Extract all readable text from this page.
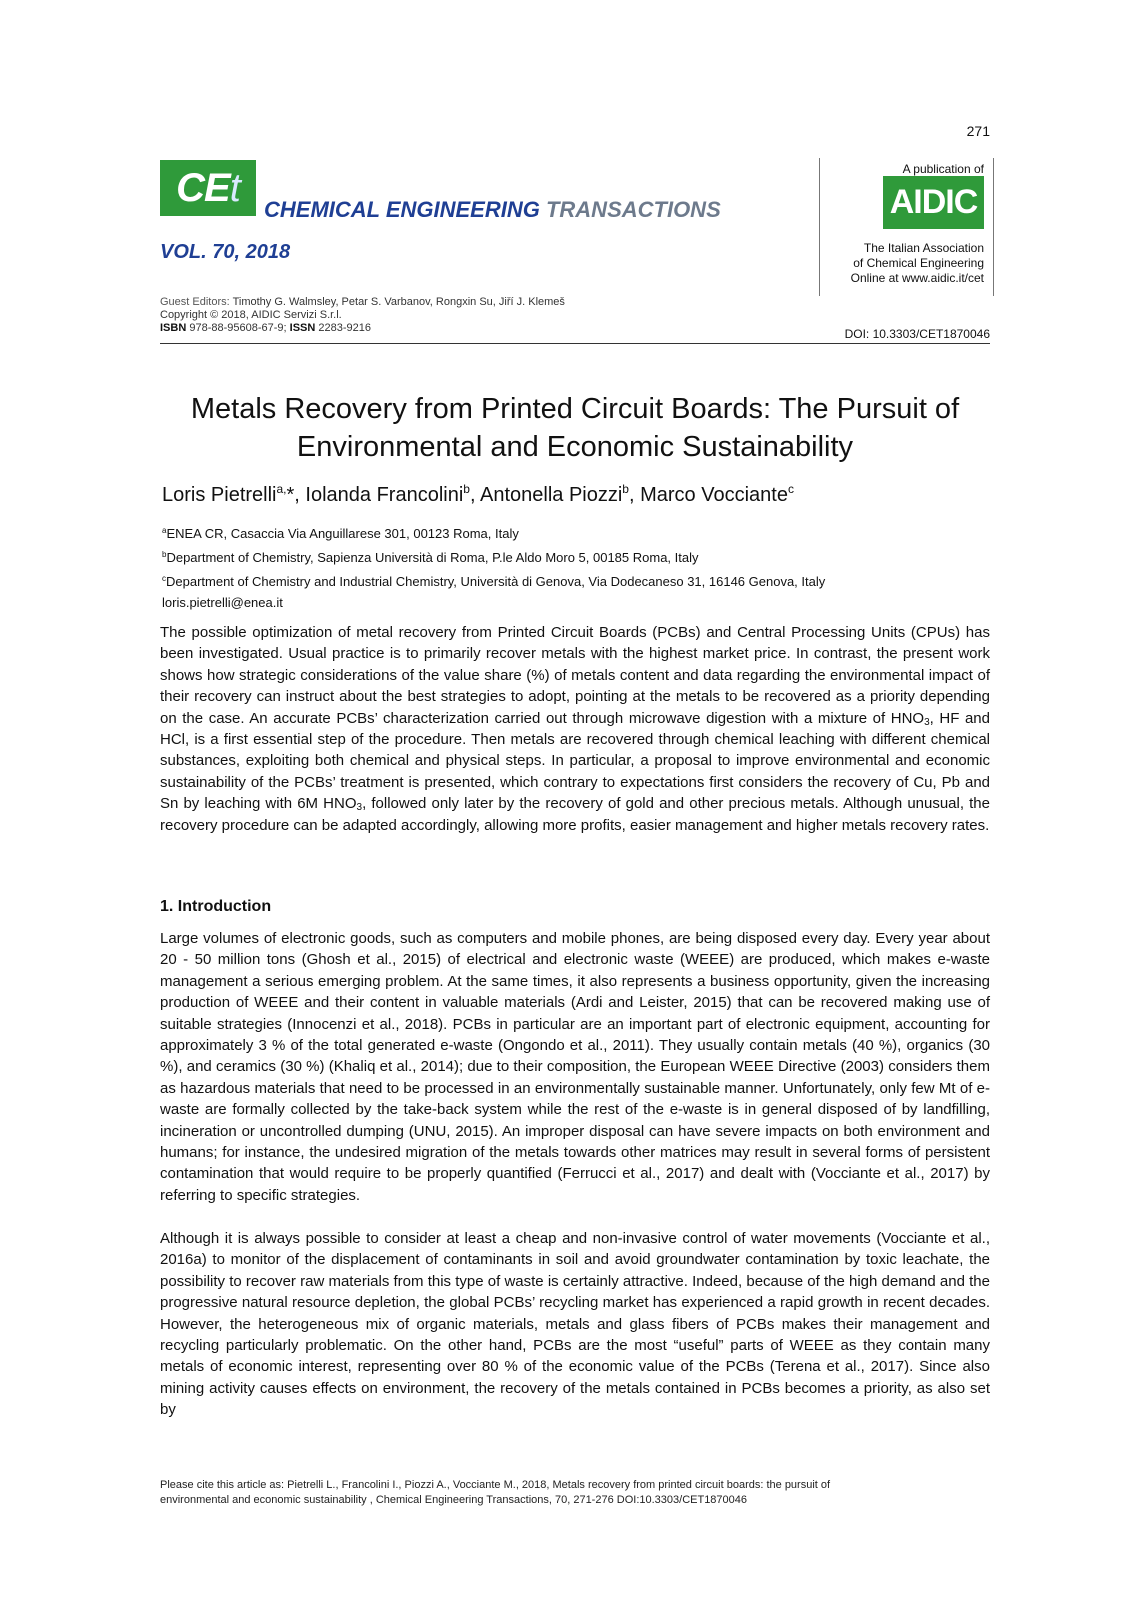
271
CEt CHEMICAL ENGINEERING TRANSACTIONS
VOL. 70, 2018
A publication of
AIDIC
The Italian Association
of Chemical Engineering
Online at www.aidic.it/cet
Guest Editors: Timothy G. Walmsley, Petar S. Varbanov, Rongxin Su, Jiří J. Klemeš
Copyright © 2018, AIDIC Servizi S.r.l.
ISBN 978-88-95608-67-9; ISSN 2283-9216	DOI: 10.3303/CET1870046
Metals Recovery from Printed Circuit Boards: The Pursuit of
Environmental and Economic Sustainability
Loris Pietrelli$^{a,}$*, Iolanda Francolini$^b$, Antonella Piozzi$^b$, Marco Vocciante$^c$
$^a$ENEA CR, Casaccia Via Anguillarese 301, 00123 Roma, Italy
$^b$Department of Chemistry, Sapienza Università di Roma, P.le Aldo Moro 5, 00185 Roma, Italy
$^c$Department of Chemistry and Industrial Chemistry, Università di Genova, Via Dodecaneso 31, 16146 Genova, Italy
loris.pietrelli@enea.it
The possible optimization of metal recovery from Printed Circuit Boards (PCBs) and Central Processing Units (CPUs) has been investigated. Usual practice is to primarily recover metals with the highest market price. In contrast, the present work shows how strategic considerations of the value share (%) of metals content and data regarding the environmental impact of their recovery can instruct about the best strategies to adopt, pointing at the metals to be recovered as a priority depending on the case. An accurate PCBs’ characterization carried out through microwave digestion with a mixture of $HNO_3$, HF and HCl, is a first essential step of the procedure. Then metals are recovered through chemical leaching with different chemical substances, exploiting both chemical and physical steps. In particular, a proposal to improve environmental and economic sustainability of the PCBs’ treatment is presented, which contrary to expectations first considers the recovery of Cu, Pb and Sn by leaching with 6M $HNO_3$, followed only later by the recovery of gold and other precious metals. Although unusual, the recovery procedure can be adapted accordingly, allowing more profits, easier management and higher metals recovery rates.
1. Introduction
Large volumes of electronic goods, such as computers and mobile phones, are being disposed every day. Every year about 20 - 50 million tons (Ghosh et al., 2015) of electrical and electronic waste (WEEE) are produced, which makes e-waste management a serious emerging problem. At the same times, it also represents a business opportunity, given the increasing production of WEEE and their content in valuable materials (Ardi and Leister, 2015) that can be recovered making use of suitable strategies (Innocenzi et al., 2018). PCBs in particular are an important part of electronic equipment, accounting for approximately 3 % of the total generated e-waste (Ongondo et al., 2011). They usually contain metals (40 %), organics (30 %), and ceramics (30 %) (Khaliq et al., 2014); due to their composition, the European WEEE Directive (2003) considers them as hazardous materials that need to be processed in an environmentally sustainable manner. Unfortunately, only few Mt of e-waste are formally collected by the take-back system while the rest of the e-waste is in general disposed of by landfilling, incineration or uncontrolled dumping (UNU, 2015). An improper disposal can have severe impacts on both environment and humans; for instance, the undesired migration of the metals towards other matrices may result in several forms of persistent contamination that would require to be properly quantified (Ferrucci et al., 2017) and dealt with (Vocciante et al., 2017) by referring to specific strategies.
Although it is always possible to consider at least a cheap and non-invasive control of water movements (Vocciante et al., 2016a) to monitor of the displacement of contaminants in soil and avoid groundwater contamination by toxic leachate, the possibility to recover raw materials from this type of waste is certainly attractive. Indeed, because of the high demand and the progressive natural resource depletion, the global PCBs’ recycling market has experienced a rapid growth in recent decades. However, the heterogeneous mix of organic materials, metals and glass fibers of PCBs makes their management and recycling particularly problematic. On the other hand, PCBs are the most “useful” parts of WEEE as they contain many metals of economic interest, representing over 80 % of the economic value of the PCBs (Terena et al., 2017). Since also mining activity causes effects on environment, the recovery of the metals contained in PCBs becomes a priority, as also set by
Please cite this article as: Pietrelli L., Francolini I., Piozzi A., Vocciante M., 2018, Metals recovery from printed circuit boards: the pursuit of
environmental and economic sustainability , Chemical Engineering Transactions, 70, 271-276 DOI:10.3303/CET1870046
